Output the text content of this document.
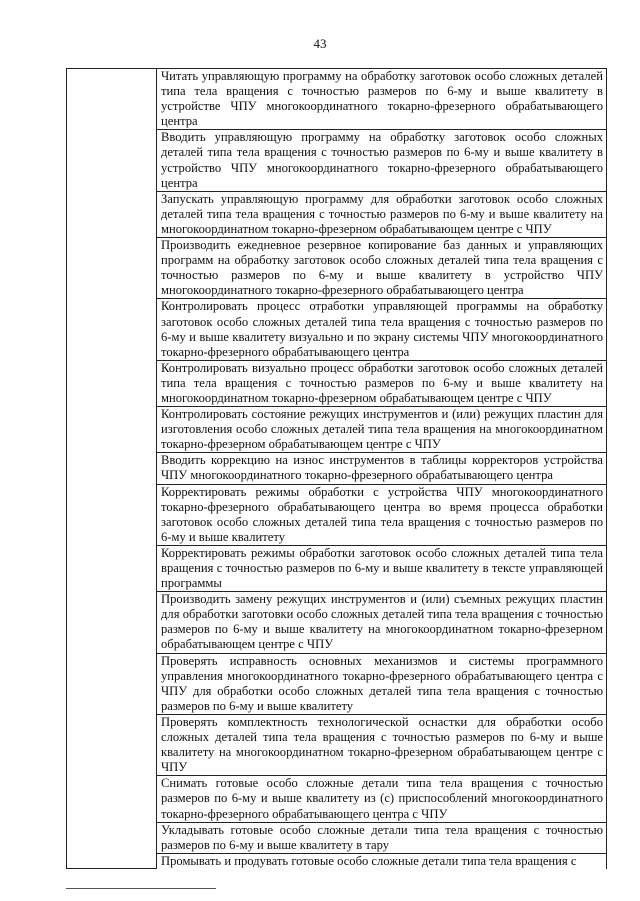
43
	Читать управляющую программу на обработку заготовок особо сложных деталей типа тела вращения с точностью размеров по 6-му и выше квалитету в устройстве ЧПУ многокоординатного токарно-фрезерного обрабатывающего центра
Вводить управляющую программу на обработку заготовок особо сложных деталей типа тела вращения с точностью размеров по 6-му и выше квалитету в устройство ЧПУ многокоординатного токарно-фрезерного обрабатывающего центра
Запускать управляющую программу для обработки заготовок особо сложных деталей типа тела вращения с точностью размеров по 6-му и выше квалитету на многокоординатном токарно-фрезерном обрабатывающем центре с ЧПУ
Производить ежедневное резервное копирование баз данных и управляющих программ на обработку заготовок особо сложных деталей типа тела вращения с точностью размеров по 6-му и выше квалитету в устройство ЧПУ многокоординатного токарно-фрезерного обрабатывающего центра
Контролировать процесс отработки управляющей программы на обработку заготовок особо сложных деталей типа тела вращения с точностью размеров по 6-му и выше квалитету визуально и по экрану системы ЧПУ многокоординатного токарно-фрезерного обрабатывающего центра
Контролировать визуально процесс обработки заготовок особо сложных деталей типа тела вращения с точностью размеров по 6-му и выше квалитету на многокоординатном токарно-фрезерном обрабатывающем центре с ЧПУ
Контролировать состояние режущих инструментов и (или) режущих пластин для изготовления особо сложных деталей типа тела вращения на многокоординатном токарно-фрезерном обрабатывающем центре с ЧПУ
Вводить коррекцию на износ инструментов в таблицы корректоров устройства ЧПУ многокоординатного токарно-фрезерного обрабатывающего центра
Корректировать режимы обработки с устройства ЧПУ многокоординатного токарно-фрезерного обрабатывающего центра во время процесса обработки заготовок особо сложных деталей типа тела вращения с точностью размеров по 6-му и выше квалитету
Корректировать режимы обработки заготовок особо сложных деталей типа тела вращения с точностью размеров по 6-му и выше квалитету в тексте управляющей программы
Производить замену режущих инструментов и (или) съемных режущих пластин для обработки заготовки особо сложных деталей типа тела вращения с точностью размеров по 6-му и выше квалитету на многокоординатном токарно-фрезерном обрабатывающем центре с ЧПУ
Проверять исправность основных механизмов и системы программного управления многокоординатного токарно-фрезерного обрабатывающего центра с ЧПУ для обработки особо сложных деталей типа тела вращения с точностью размеров по 6-му и выше квалитету
Проверять комплектность технологической оснастки для обработки особо сложных деталей типа тела вращения с точностью размеров по 6-му и выше квалитету на многокоординатном токарно-фрезерном обрабатывающем центре с ЧПУ
Снимать готовые особо сложные детали типа тела вращения с точностью размеров по 6-му и выше квалитету из (с) приспособлений многокоординатного токарно-фрезерного обрабатывающего центра с ЧПУ
Укладывать готовые особо сложные детали типа тела вращения с точностью размеров по 6-му и выше квалитету в тару
Промывать и продувать готовые особо сложные детали типа тела вращения с
